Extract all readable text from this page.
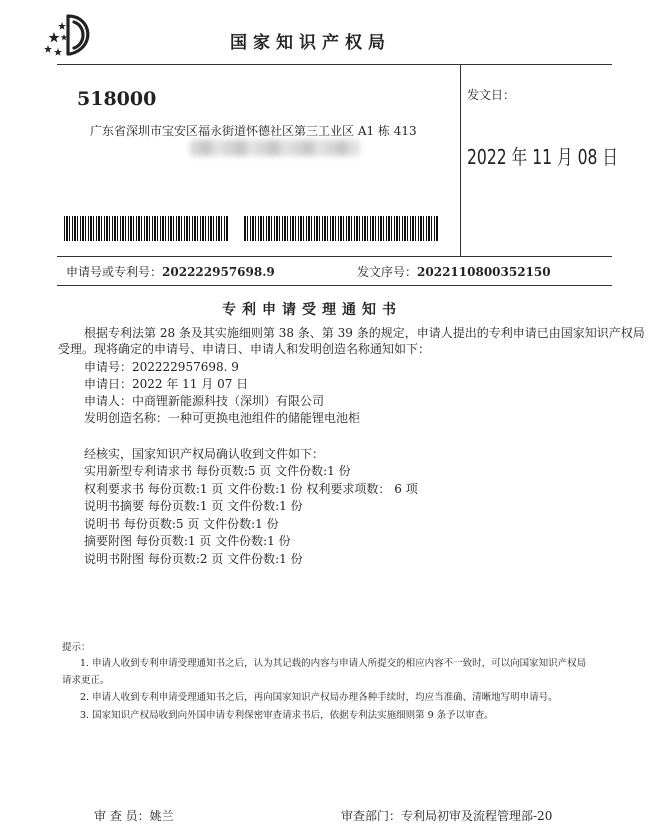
国家知识产权局
518000
广东省深圳市宝安区福永街道怀德社区第三工业区 A1 栋 413
发文日：
2022 年 11 月 08 日
申请号或专利号：202222957698.9	发文序号：2022110800352150
专利申请受理通知书
根据专利法第 28 条及其实施细则第 38 条、第 39 条的规定，申请人提出的专利申请已由国家知识产权局
受理。现将确定的申请号、申请日、申请人和发明创造名称通知如下：
申请号：202222957698. 9
申请日：2022 年 11 月 07 日
申请人：中商锂新能源科技（深圳）有限公司
发明创造名称：一种可更换电池组件的储能锂电池柜
经核实，国家知识产权局确认收到文件如下：
实用新型专利请求书 每份页数:5 页 文件份数:1 份
权利要求书 每份页数:1 页 文件份数:1 份 权利要求项数： 6 项
说明书摘要 每份页数:1 页 文件份数:1 份
说明书 每份页数:5 页 文件份数:1 份
摘要附图 每份页数:1 页 文件份数:1 份
说明书附图 每份页数:2 页 文件份数:1 份
提示：
1. 申请人收到专利申请受理通知书之后，认为其记载的内容与申请人所提交的相应内容不一致时，可以向国家知识产权局
请求更正。
2. 申请人收到专利申请受理通知书之后，再向国家知识产权局办理各种手续时，均应当准确、清晰地写明申请号。
3. 国家知识产权局收到向外国申请专利保密审查请求书后，依据专利法实施细则第 9 条予以审查。
审 查 员：姚兰	审查部门：专利局初审及流程管理部-20
